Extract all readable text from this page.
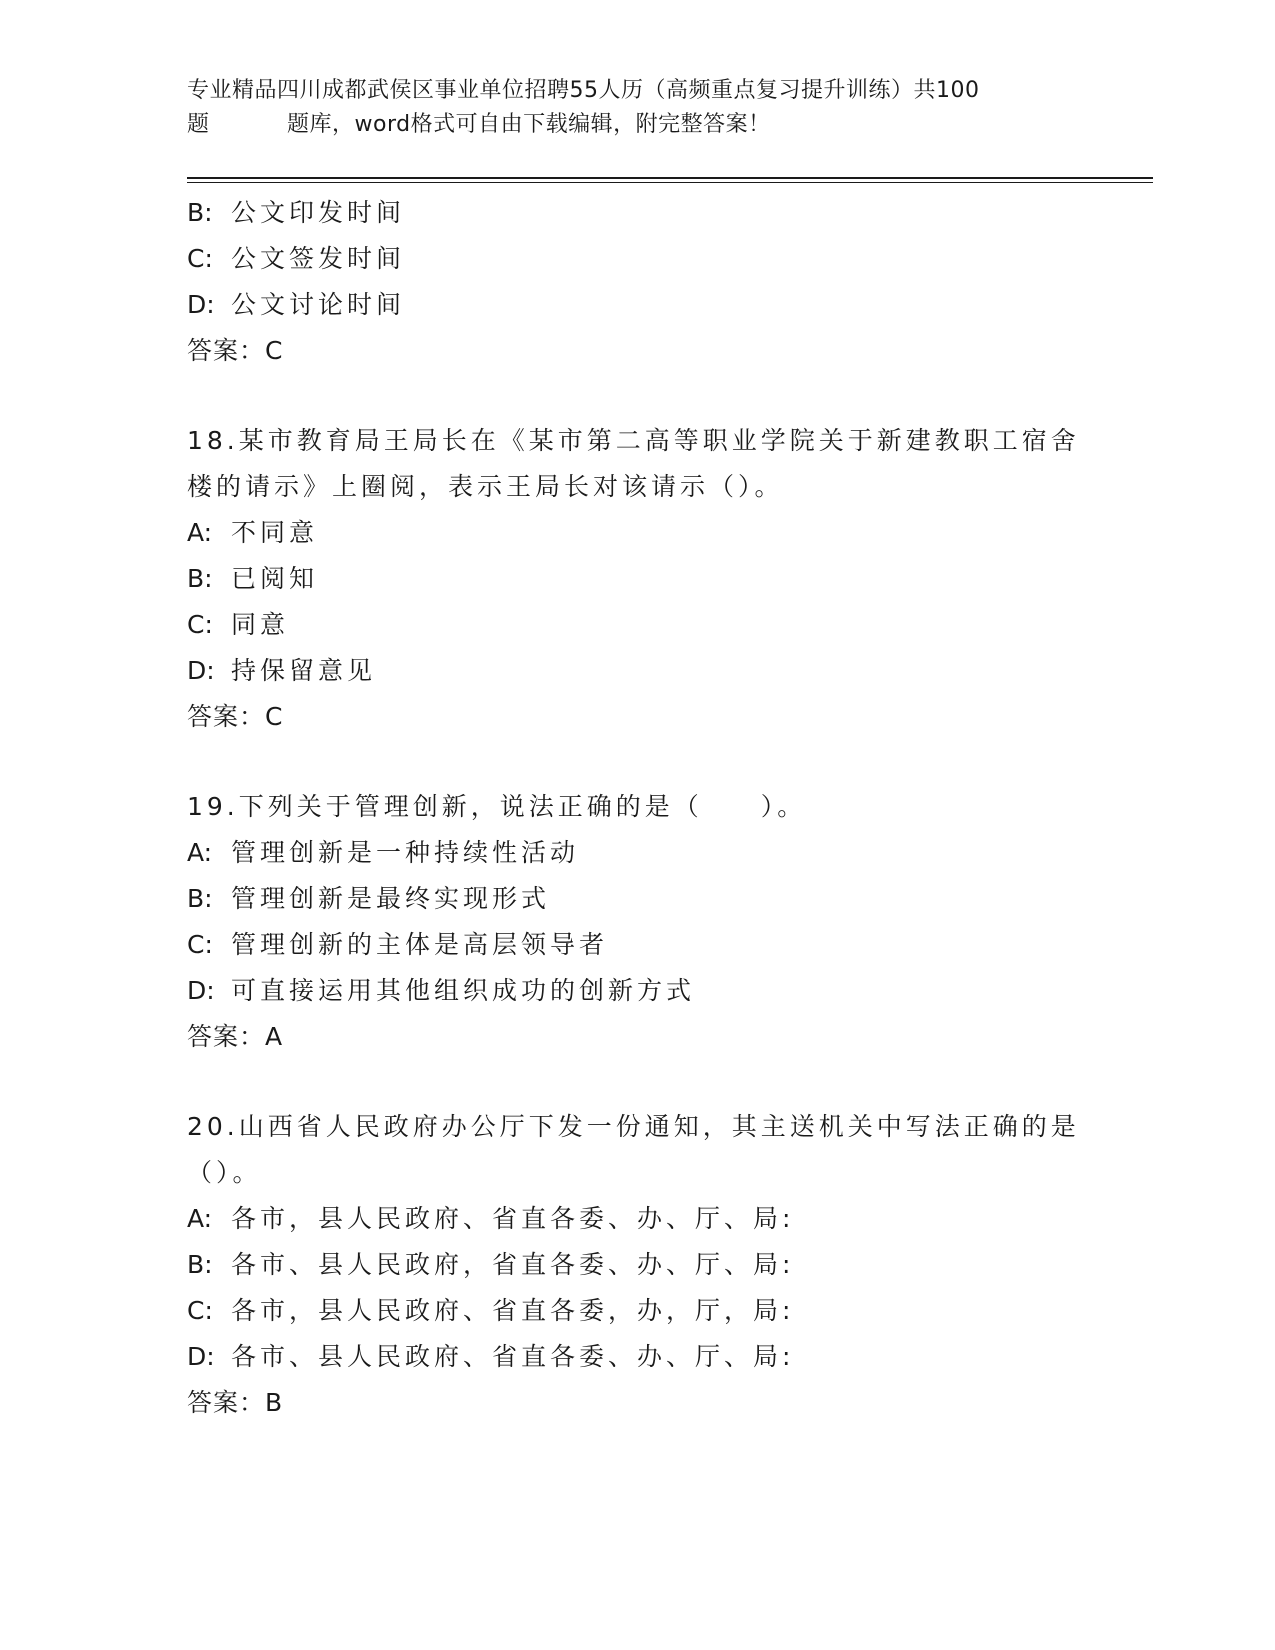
专业精品四川成都武侯区事业单位招聘55人历（高频重点复习提升训练）共100
题	题库，word格式可自由下载编辑，附完整答案！
B: 公文印发时间
C: 公文签发时间
D: 公文讨论时间
答案：C
18.某市教育局王局长在《某市第二高等职业学院关于新建教职工宿舍
楼的请示》上圈阅，表示王局长对该请示（）。
A: 不同意
B: 已阅知
C: 同意
D: 持保留意见
答案：C
19.下列关于管理创新，说法正确的是（　　）。
A: 管理创新是一种持续性活动
B: 管理创新是最终实现形式
C: 管理创新的主体是高层领导者
D: 可直接运用其他组织成功的创新方式
答案：A
20.山西省人民政府办公厅下发一份通知，其主送机关中写法正确的是
（）。
A: 各市，县人民政府、省直各委、办、厅、局:
B: 各市、县人民政府，省直各委、办、厅、局:
C: 各市，县人民政府、省直各委，办，厅，局:
D: 各市、县人民政府、省直各委、办、厅、局:
答案：B
